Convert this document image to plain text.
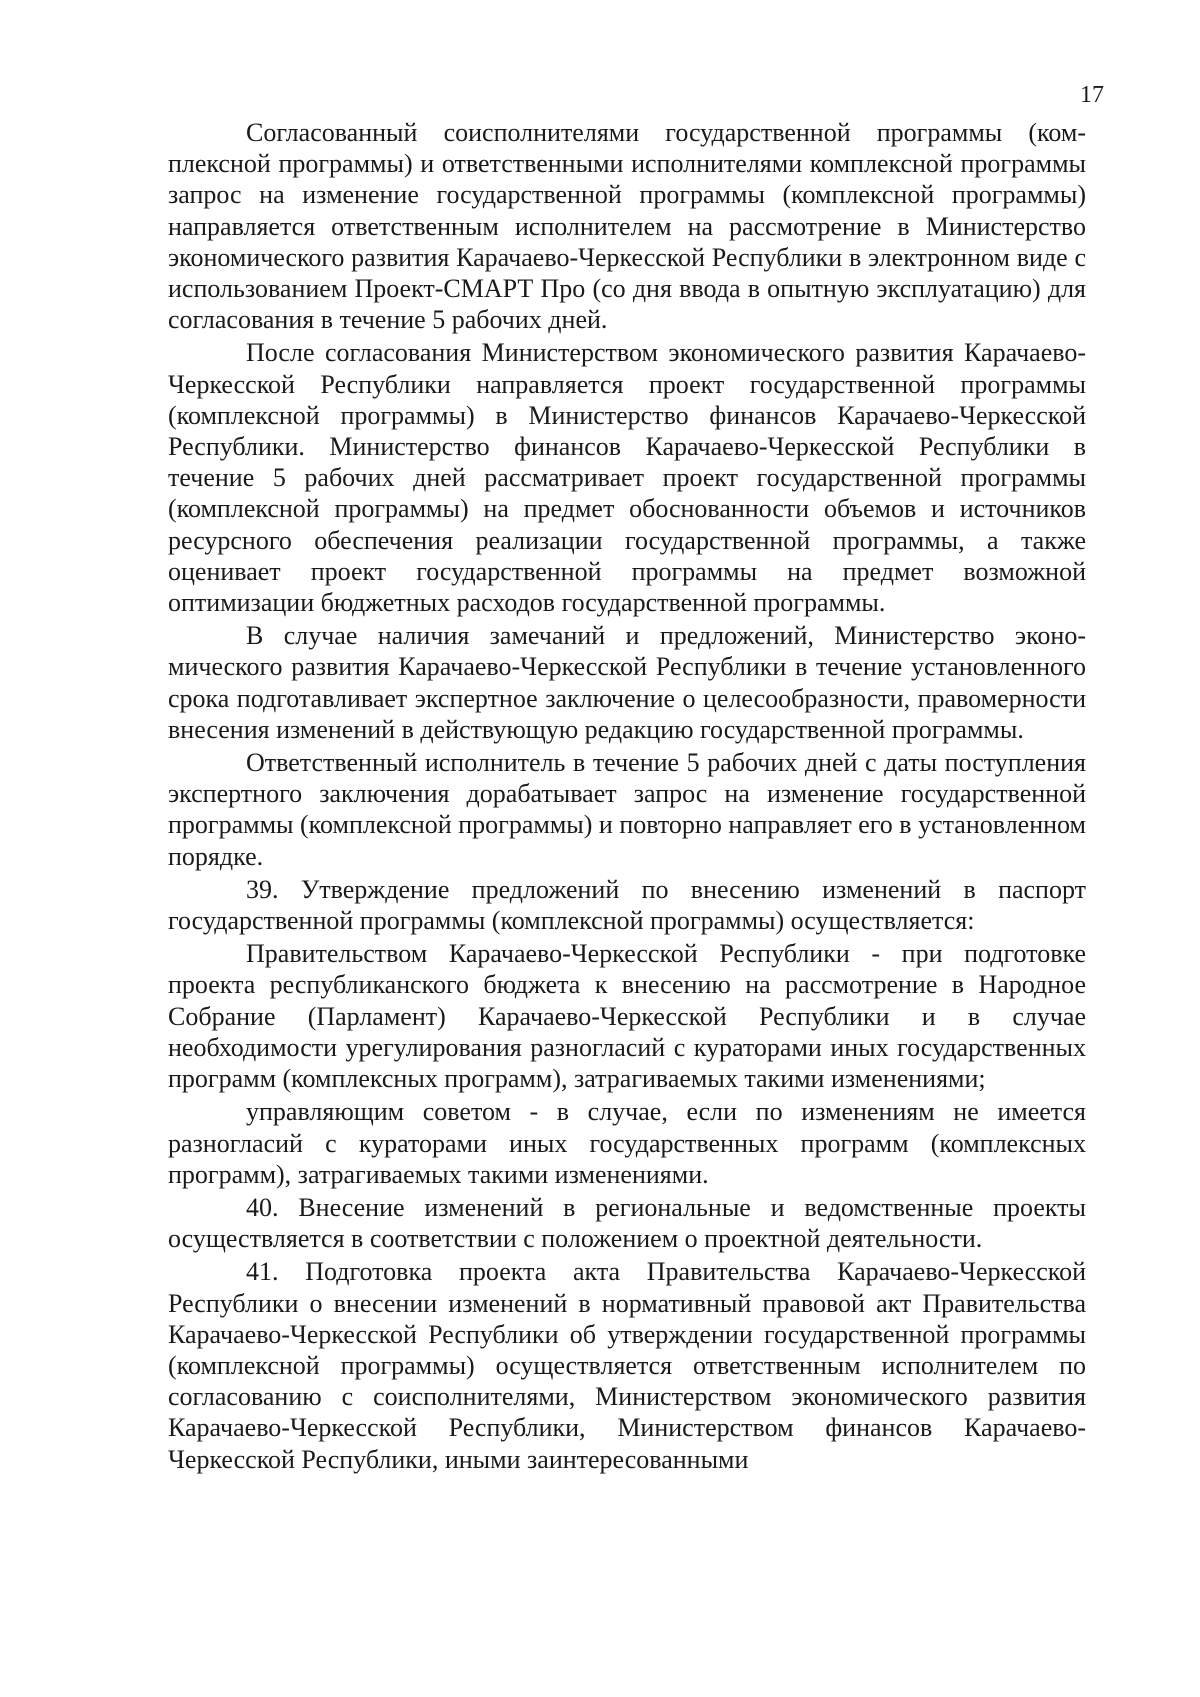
17

Согласованный соисполнителями государственной программы (комплексной программы) и ответственными исполнителями комплексной программы запрос на изменение государственной программы (комплексной программы) направляется ответственным исполнителем на рассмотрение в Министерство экономического развития Карачаево-Черкесской Республики в электронном виде с использованием Проект-СМАРТ Про (со дня ввода в опытную эксплуатацию) для согласования в течение 5 рабочих дней.

После согласования Министерством экономического развития Карачаево-Черкесской Республики направляется проект государственной программы (комплексной программы) в Министерство финансов Карачаево-Черкесской Республики. Министерство финансов Карачаево-Черкесской Республики в течение 5 рабочих дней рассматривает проект государственной программы (комплексной программы) на предмет обоснованности объемов и источников ресурсного обеспечения реализации государственной программы, а также оценивает проект государственной программы на предмет возможной оптимизации бюджетных расходов государственной программы.

В случае наличия замечаний и предложений, Министерство экономического развития Карачаево-Черкесской Республики в течение установленного срока подготавливает экспертное заключение о целесообразности, правомерности внесения изменений в действующую редакцию государственной программы.

Ответственный исполнитель в течение 5 рабочих дней с даты поступления экспертного заключения дорабатывает запрос на изменение государственной программы (комплексной программы) и повторно направляет его в установленном порядке.

39. Утверждение предложений по внесению изменений в паспорт государственной программы (комплексной программы) осуществляется:

Правительством Карачаево-Черкесской Республики - при подготовке проекта республиканского бюджета к внесению на рассмотрение в Народное Собрание (Парламент) Карачаево-Черкесской Республики и в случае необходимости урегулирования разногласий с кураторами иных государственных программ (комплексных программ), затрагиваемых такими изменениями;

управляющим советом - в случае, если по изменениям не имеется разногласий с кураторами иных государственных программ (комплексных программ), затрагиваемых такими изменениями.

40. Внесение изменений в региональные и ведомственные проекты осуществляется в соответствии с положением о проектной деятельности.

41. Подготовка проекта акта Правительства Карачаево-Черкесской Республики о внесении изменений в нормативный правовой акт Правительства Карачаево-Черкесской Республики об утверждении государственной программы (комплексной программы) осуществляется ответственным исполнителем по согласованию с соисполнителями, Министерством экономического развития Карачаево-Черкесской Республики, Министерством финансов Карачаево-Черкесской Республики, иными заинтересованными
